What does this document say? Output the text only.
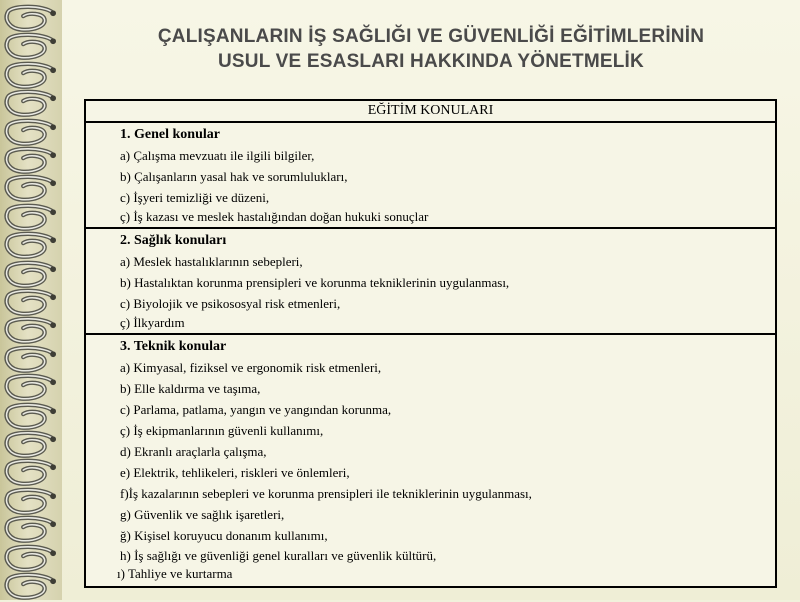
ÇALIŞANLARIN İŞ SAĞLIĞI VE GÜVENLİĞİ EĞİTİMLERİNİN
USUL VE ESASLARI HAKKINDA YÖNETMELİK
EĞİTİM KONULARI
1. Genel konular
a) Çalışma mevzuatı ile ilgili bilgiler,
b) Çalışanların yasal hak ve sorumlulukları,
c) İşyeri temizliği ve düzeni,
ç) İş kazası ve meslek hastalığından doğan hukuki sonuçlar
2. Sağlık konuları
a) Meslek hastalıklarının sebepleri,
b) Hastalıktan korunma prensipleri ve korunma tekniklerinin uygulanması,
c) Biyolojik ve psikososyal risk etmenleri,
ç) İlkyardım
3. Teknik konular
a) Kimyasal, fiziksel ve ergonomik risk etmenleri,
b) Elle kaldırma ve taşıma,
c) Parlama, patlama, yangın ve yangından korunma,
ç) İş ekipmanlarının güvenli kullanımı,
d) Ekranlı araçlarla çalışma,
e) Elektrik, tehlikeleri, riskleri ve önlemleri,
f)İş kazalarının sebepleri ve korunma prensipleri ile tekniklerinin uygulanması,
g) Güvenlik ve sağlık işaretleri,
ğ) Kişisel koruyucu donanım kullanımı,
h) İş sağlığı ve güvenliği genel kuralları ve güvenlik kültürü,
ı) Tahliye ve kurtarma
